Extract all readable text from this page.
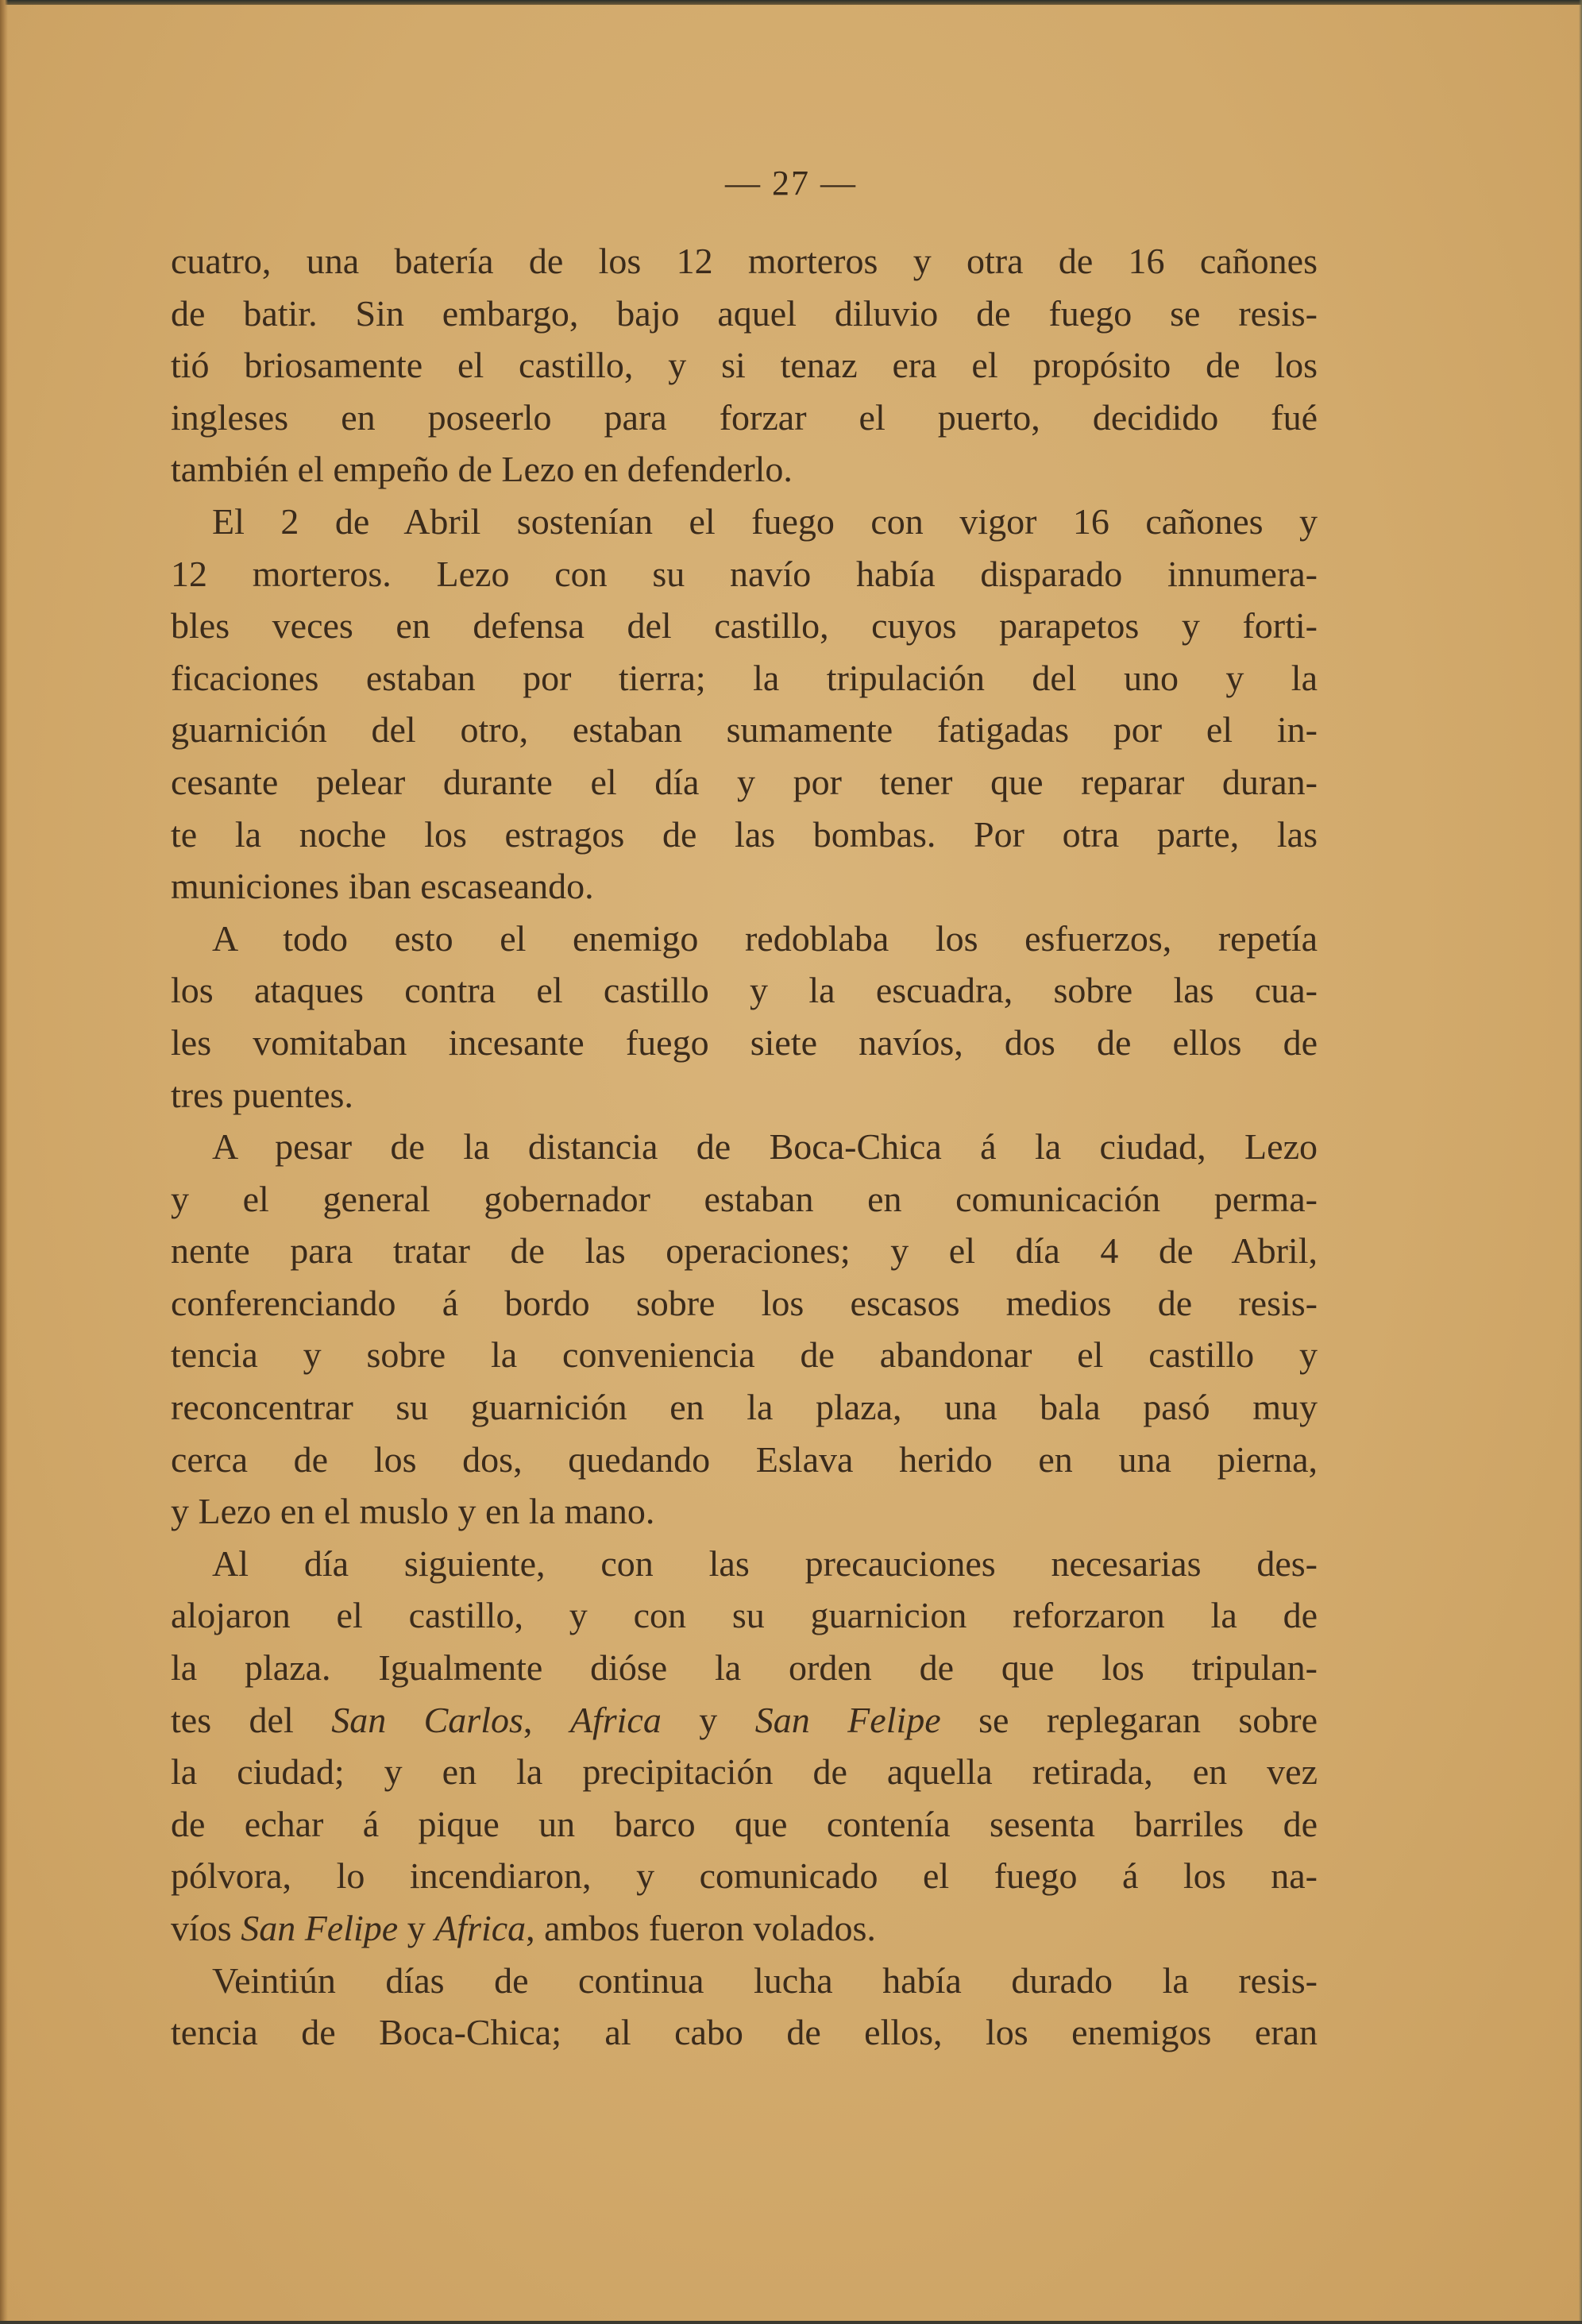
— 27 —
cuatro, una batería de los 12 morteros y otra de 16 cañones
de batir. Sin embargo, bajo aquel diluvio de fuego se resis-
tió briosamente el castillo, y si tenaz era el propósito de los
ingleses en poseerlo para forzar el puerto, decidido fué
también el empeño de Lezo en defenderlo.
El 2 de Abril sostenían el fuego con vigor 16 cañones y
12 morteros. Lezo con su navío había disparado innumera-
bles veces en defensa del castillo, cuyos parapetos y forti-
ficaciones estaban por tierra; la tripulación del uno y la
guarnición del otro, estaban sumamente fatigadas por el in-
cesante pelear durante el día y por tener que reparar duran-
te la noche los estragos de las bombas. Por otra parte, las
municiones iban escaseando.
A todo esto el enemigo redoblaba los esfuerzos, repetía
los ataques contra el castillo y la escuadra, sobre las cua-
les vomitaban incesante fuego siete navíos, dos de ellos de
tres puentes.
A pesar de la distancia de Boca-Chica á la ciudad, Lezo
y el general gobernador estaban en comunicación perma-
nente para tratar de las operaciones; y el día 4 de Abril,
conferenciando á bordo sobre los escasos medios de resis-
tencia y sobre la conveniencia de abandonar el castillo y
reconcentrar su guarnición en la plaza, una bala pasó muy
cerca de los dos, quedando Eslava herido en una pierna,
y Lezo en el muslo y en la mano.
Al día siguiente, con las precauciones necesarias des-
alojaron el castillo, y con su guarnicion reforzaron la de
la plaza. Igualmente dióse la orden de que los tripulan-
tes del San Carlos, Africa y San Felipe se replegaran sobre
la ciudad; y en la precipitación de aquella retirada, en vez
de echar á pique un barco que contenía sesenta barriles de
pólvora, lo incendiaron, y comunicado el fuego á los na-
víos San Felipe y Africa, ambos fueron volados.
Veintiún días de continua lucha había durado la resis-
tencia de Boca-Chica; al cabo de ellos, los enemigos eran
